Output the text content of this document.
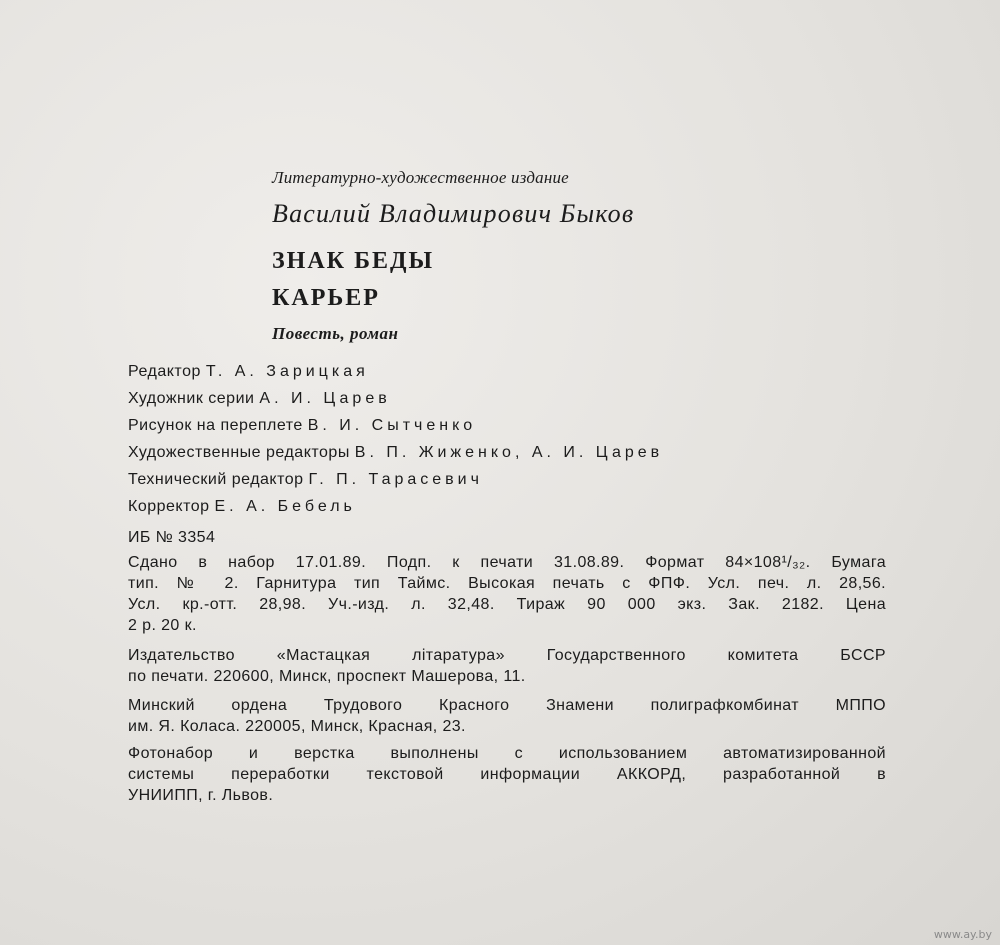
Литературно-художественное издание
Василий Владимирович Быков
ЗНАК БЕДЫ
КАРЬЕР
Повесть, роман
Редактор Т. А. Зарицкая
Художник серии А. И. Царев
Рисунок на переплете В. И. Сытченко
Художественные редакторы В. П. Жиженко, А. И. Царев
Технический редактор Г. П. Тарасевич
Корректор Е. А. Бебель
ИБ № 3354
Сдано в набор 17.01.89. Подп. к печати 31.08.89. Формат 84×108¹/₃₂. Бумага
тип. № 2. Гарнитура тип Таймс. Высокая печать с ФПФ. Усл. печ. л. 28,56.
Усл. кр.-отт. 28,98. Уч.-изд. л. 32,48. Тираж 90 000 экз. Зак. 2182. Цена
2 р. 20 к.
Издательство «Мастацкая літаратура» Государственного комитета БССР
по печати. 220600, Минск, проспект Машерова, 11.
Минский ордена Трудового Красного Знамени полиграфкомбинат МППО
им. Я. Коласа. 220005, Минск, Красная, 23.
Фотонабор и верстка выполнены с использованием автоматизированной
системы переработки текстовой информации АККОРД, разработанной в
УНИИПП, г. Львов.
www.ay.by
